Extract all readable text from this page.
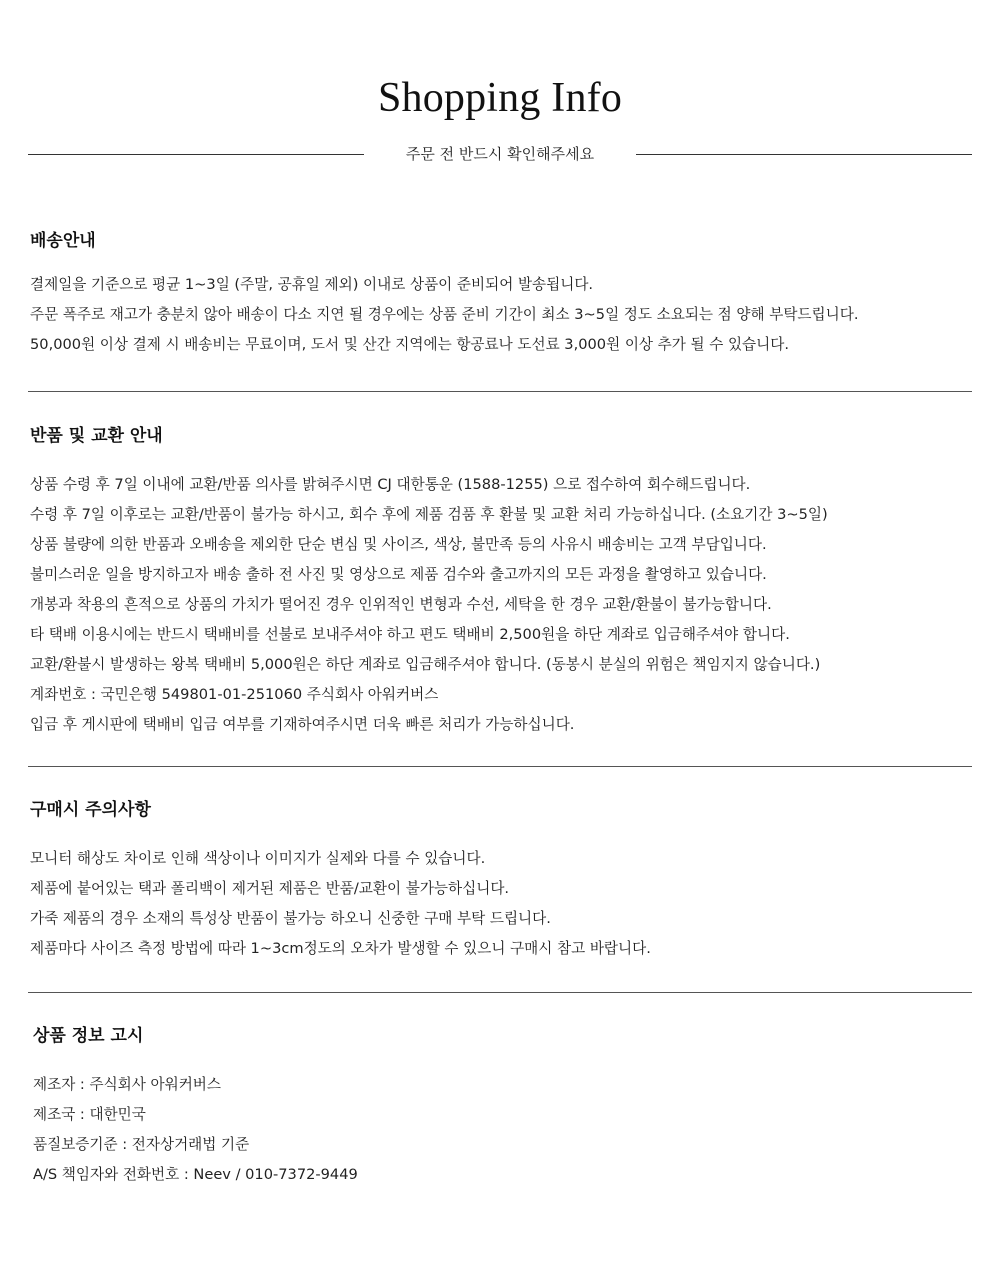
Shopping Info
주문 전 반드시 확인해주세요
배송안내
결제일을 기준으로 평균 1~3일 (주말, 공휴일 제외) 이내로 상품이 준비되어 발송됩니다.
주문 폭주로 재고가 충분치 않아 배송이 다소 지연 될 경우에는 상품 준비 기간이 최소 3~5일 정도 소요되는 점 양해 부탁드립니다.
50,000원 이상 결제 시 배송비는 무료이며, 도서 및 산간 지역에는 항공료나 도선료 3,000원 이상 추가 될 수 있습니다.
반품 및 교환 안내
상품 수령 후 7일 이내에 교환/반품 의사를 밝혀주시면 CJ 대한통운 (1588-1255) 으로 접수하여 회수해드립니다.
수령 후 7일 이후로는 교환/반품이 불가능 하시고, 회수 후에 제품 검품 후 환불 및 교환 처리 가능하십니다. (소요기간 3~5일)
상품 불량에 의한 반품과 오배송을 제외한 단순 변심 및 사이즈, 색상, 불만족 등의 사유시 배송비는 고객 부담입니다.
불미스러운 일을 방지하고자 배송 출하 전 사진 및 영상으로 제품 검수와 출고까지의 모든 과정을 촬영하고 있습니다.
개봉과 착용의 흔적으로 상품의 가치가 떨어진 경우 인위적인 변형과 수선, 세탁을 한 경우 교환/환불이 불가능합니다.
타 택배 이용시에는 반드시 택배비를 선불로 보내주셔야 하고 편도 택배비 2,500원을 하단 계좌로 입금해주셔야 합니다.
교환/환불시 발생하는 왕복 택배비 5,000원은 하단 계좌로 입금해주셔야 합니다. (동봉시 분실의 위험은 책임지지 않습니다.)
계좌번호 : 국민은행 549801-01-251060 주식회사 아워커버스
입금 후 게시판에 택배비 입금 여부를 기재하여주시면 더욱 빠른 처리가 가능하십니다.
구매시 주의사항
모니터 해상도 차이로 인해 색상이나 이미지가 실제와 다를 수 있습니다.
제품에 붙어있는 택과 폴리백이 제거된 제품은 반품/교환이 불가능하십니다.
가죽 제품의 경우 소재의 특성상 반품이 불가능 하오니 신중한 구매 부탁 드립니다.
제품마다 사이즈 측정 방법에 따라 1~3cm정도의 오차가 발생할 수 있으니 구매시 참고 바랍니다.
상품 정보 고시
제조자 : 주식회사 아워커버스
제조국 : 대한민국
품질보증기준 : 전자상거래법 기준
A/S 책임자와 전화번호 : Neev / 010-7372-9449
